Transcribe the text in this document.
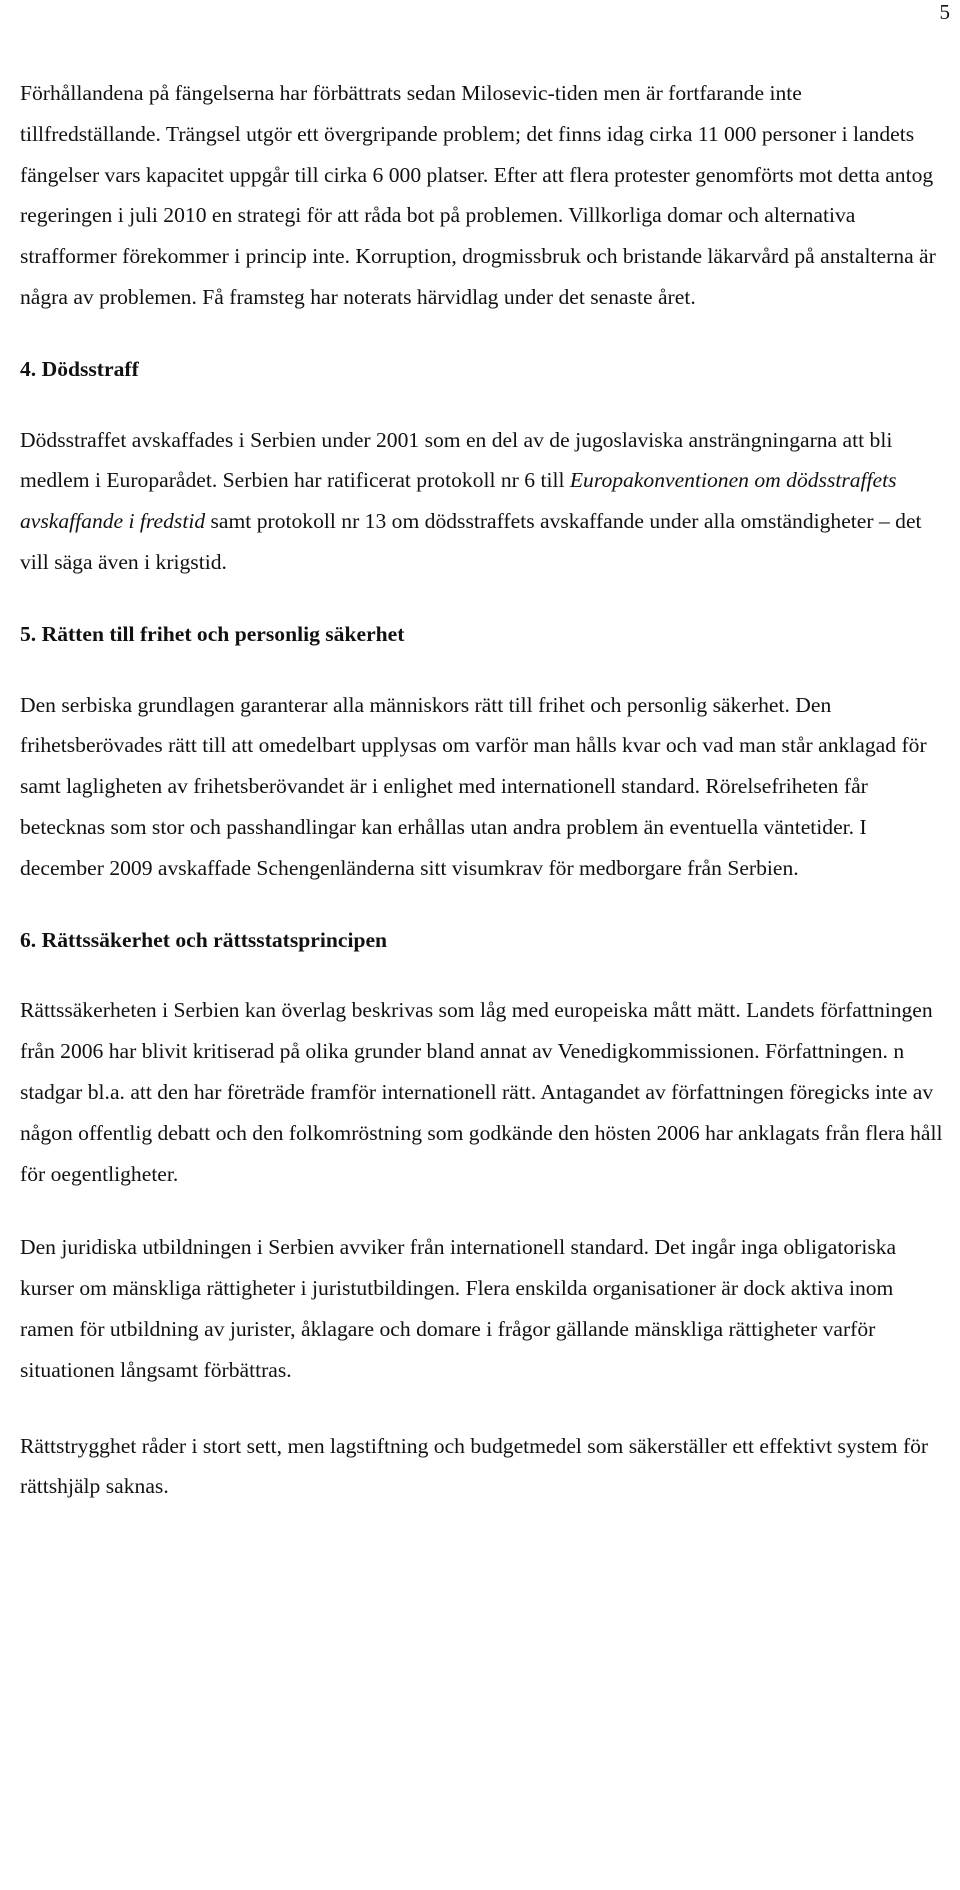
5

Förhållandena på fängelserna har förbättrats sedan Milosevic-tiden men är fortfarande inte tillfredställande. Trängsel utgör ett övergripande problem; det finns idag cirka 11 000 personer i landets fängelser vars kapacitet uppgår till cirka 6 000 platser. Efter att flera protester genomförts mot detta antog regeringen i juli 2010 en strategi för att råda bot på problemen. Villkorliga domar och alternativa strafformer förekommer i princip inte. Korruption, drogmissbruk och bristande läkarvård på anstalterna är några av problemen. Få framsteg har noterats härvidlag under det senaste året.

4. Dödsstraff

Dödsstraffet avskaffades i Serbien under 2001 som en del av de jugoslaviska ansträngningarna att bli medlem i Europarådet. Serbien har ratificerat protokoll nr 6 till Europakonventionen om dödsstraffets avskaffande i fredstid samt protokoll nr 13 om dödsstraffets avskaffande under alla omständigheter – det vill säga även i krigstid.

5. Rätten till frihet och personlig säkerhet

Den serbiska grundlagen garanterar alla människors rätt till frihet och personlig säkerhet. Den frihetsberövades rätt till att omedelbart upplysas om varför man hålls kvar och vad man står anklagad för samt lagligheten av frihetsberövandet är i enlighet med internationell standard. Rörelsefriheten får betecknas som stor och passhandlingar kan erhållas utan andra problem än eventuella väntetider. I december 2009 avskaffade Schengenländerna sitt visumkrav för medborgare från Serbien.

6. Rättssäkerhet och rättsstatsprincipen

Rättssäkerheten i Serbien kan överlag beskrivas som låg med europeiska mått mätt. Landets författningen från 2006 har blivit kritiserad på olika grunder bland annat av Venedigkommissionen. Författningen. n stadgar bl.a. att den har företräde framför internationell rätt. Antagandet av författningen föregicks inte av någon offentlig debatt och den folkomröstning som godkände den hösten 2006 har anklagats från flera håll för oegentligheter.

Den juridiska utbildningen i Serbien avviker från internationell standard. Det ingår inga obligatoriska kurser om mänskliga rättigheter i juristutbildingen. Flera enskilda organisationer är dock aktiva inom ramen för utbildning av jurister, åklagare och domare i frågor gällande mänskliga rättigheter varför situationen långsamt förbättras.

Rättstrygghet råder i stort sett, men lagstiftning och budgetmedel som säkerställer ett effektivt system för rättshjälp saknas.
